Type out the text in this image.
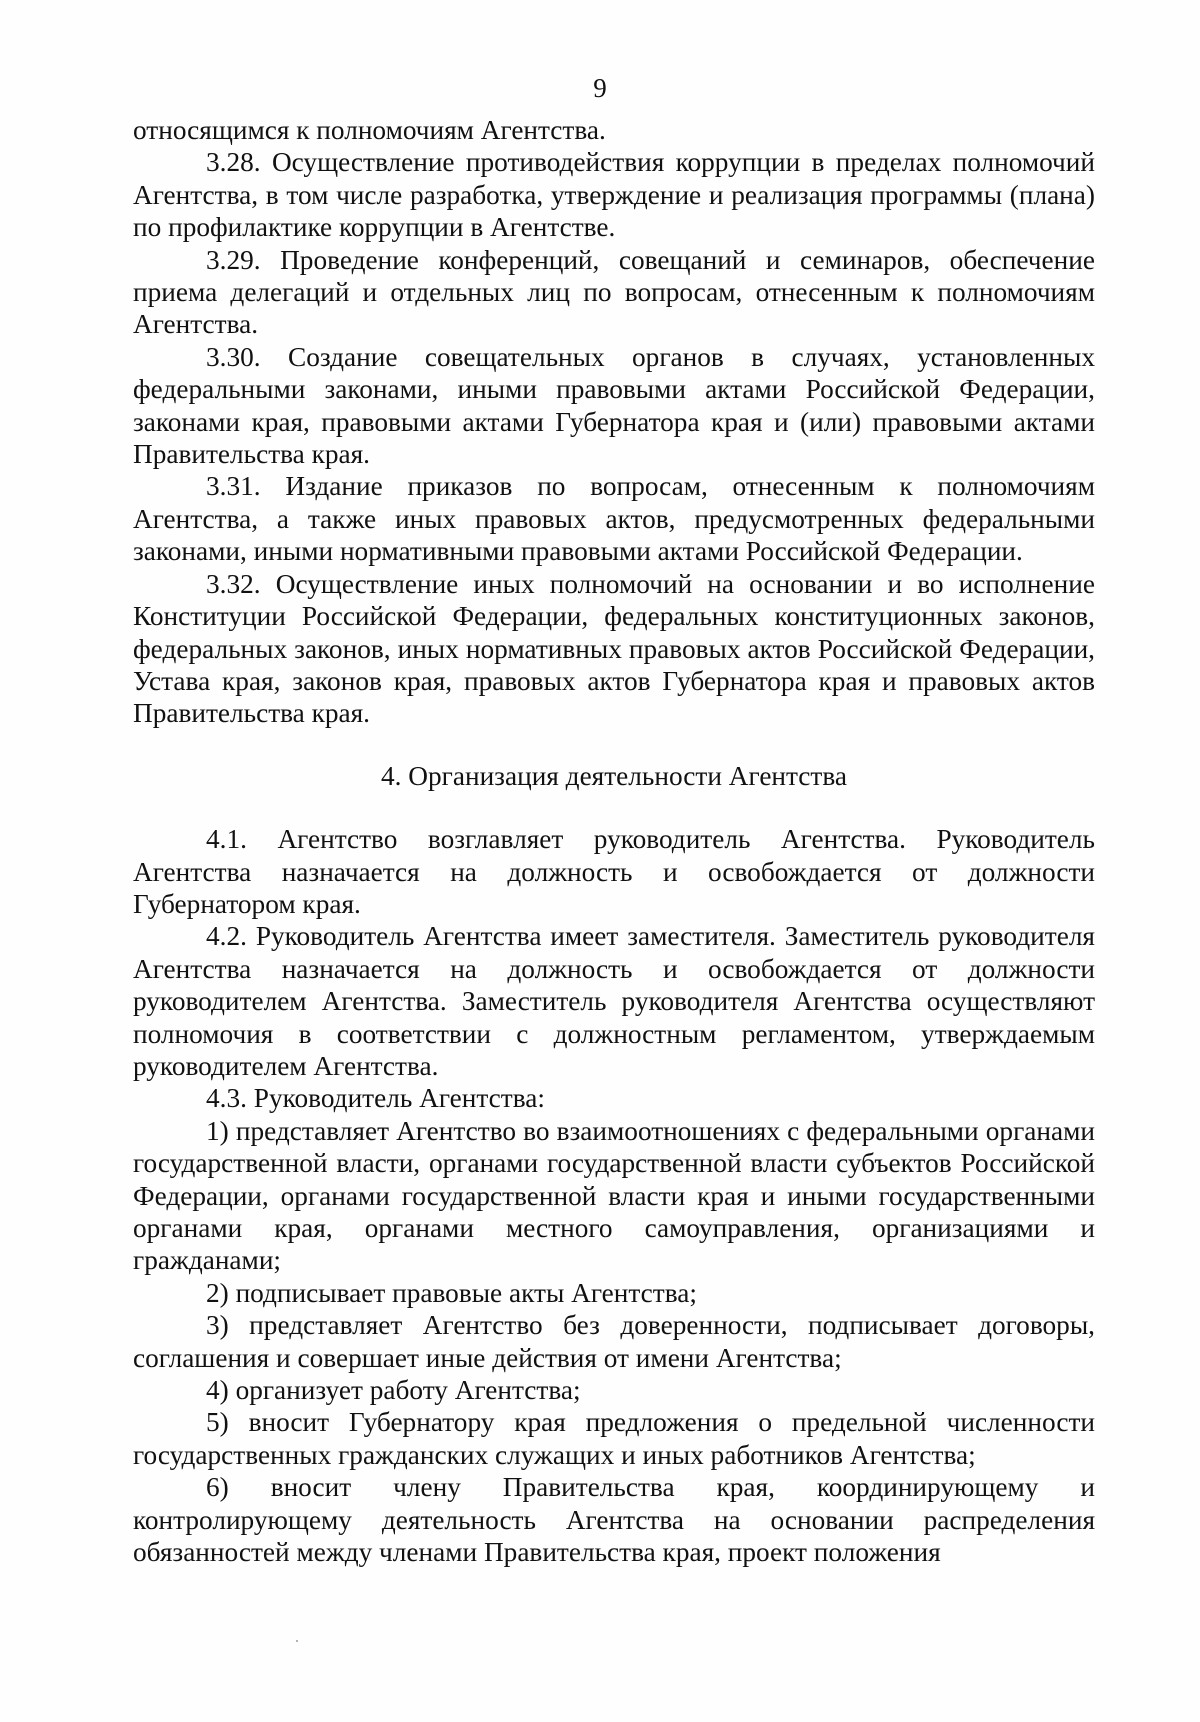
9

относящимся к полномочиям Агентства.

3.28. Осуществление противодействия коррупции в пределах полномочий Агентства, в том числе разработка, утверждение и реализация программы (плана) по профилактике коррупции в Агентстве.

3.29. Проведение конференций, совещаний и семинаров, обеспечение приема делегаций и отдельных лиц по вопросам, отнесенным к полномочиям Агентства.

3.30. Создание совещательных органов в случаях, установленных федеральными законами, иными правовыми актами Российской Федерации, законами края, правовыми актами Губернатора края и (или) правовыми актами Правительства края.

3.31. Издание приказов по вопросам, отнесенным к полномочиям Агентства, а также иных правовых актов, предусмотренных федеральными законами, иными нормативными правовыми актами Российской Федерации.

3.32. Осуществление иных полномочий на основании и во исполнение Конституции Российской Федерации, федеральных конституционных законов, федеральных законов, иных нормативных правовых актов Российской Федерации, Устава края, законов края, правовых актов Губернатора края и правовых актов Правительства края.

4. Организация деятельности Агентства

4.1. Агентство возглавляет руководитель Агентства. Руководитель Агентства назначается на должность и освобождается от должности Губернатором края.

4.2. Руководитель Агентства имеет заместителя. Заместитель руководителя Агентства назначается на должность и освобождается от должности руководителем Агентства. Заместитель руководителя Агентства осуществляют полномочия в соответствии с должностным регламентом, утверждаемым руководителем Агентства.

4.3. Руководитель Агентства:

1) представляет Агентство во взаимоотношениях с федеральными органами государственной власти, органами государственной власти субъектов Российской Федерации, органами государственной власти края и иными государственными органами края, органами местного самоуправления, организациями и гражданами;

2) подписывает правовые акты Агентства;

3) представляет Агентство без доверенности, подписывает договоры, соглашения и совершает иные действия от имени Агентства;

4) организует работу Агентства;

5) вносит Губернатору края предложения о предельной численности государственных гражданских служащих и иных работников Агентства;

6) вносит члену Правительства края, координирующему и контролирующему деятельность Агентства на основании распределения обязанностей между членами Правительства края, проект положения
